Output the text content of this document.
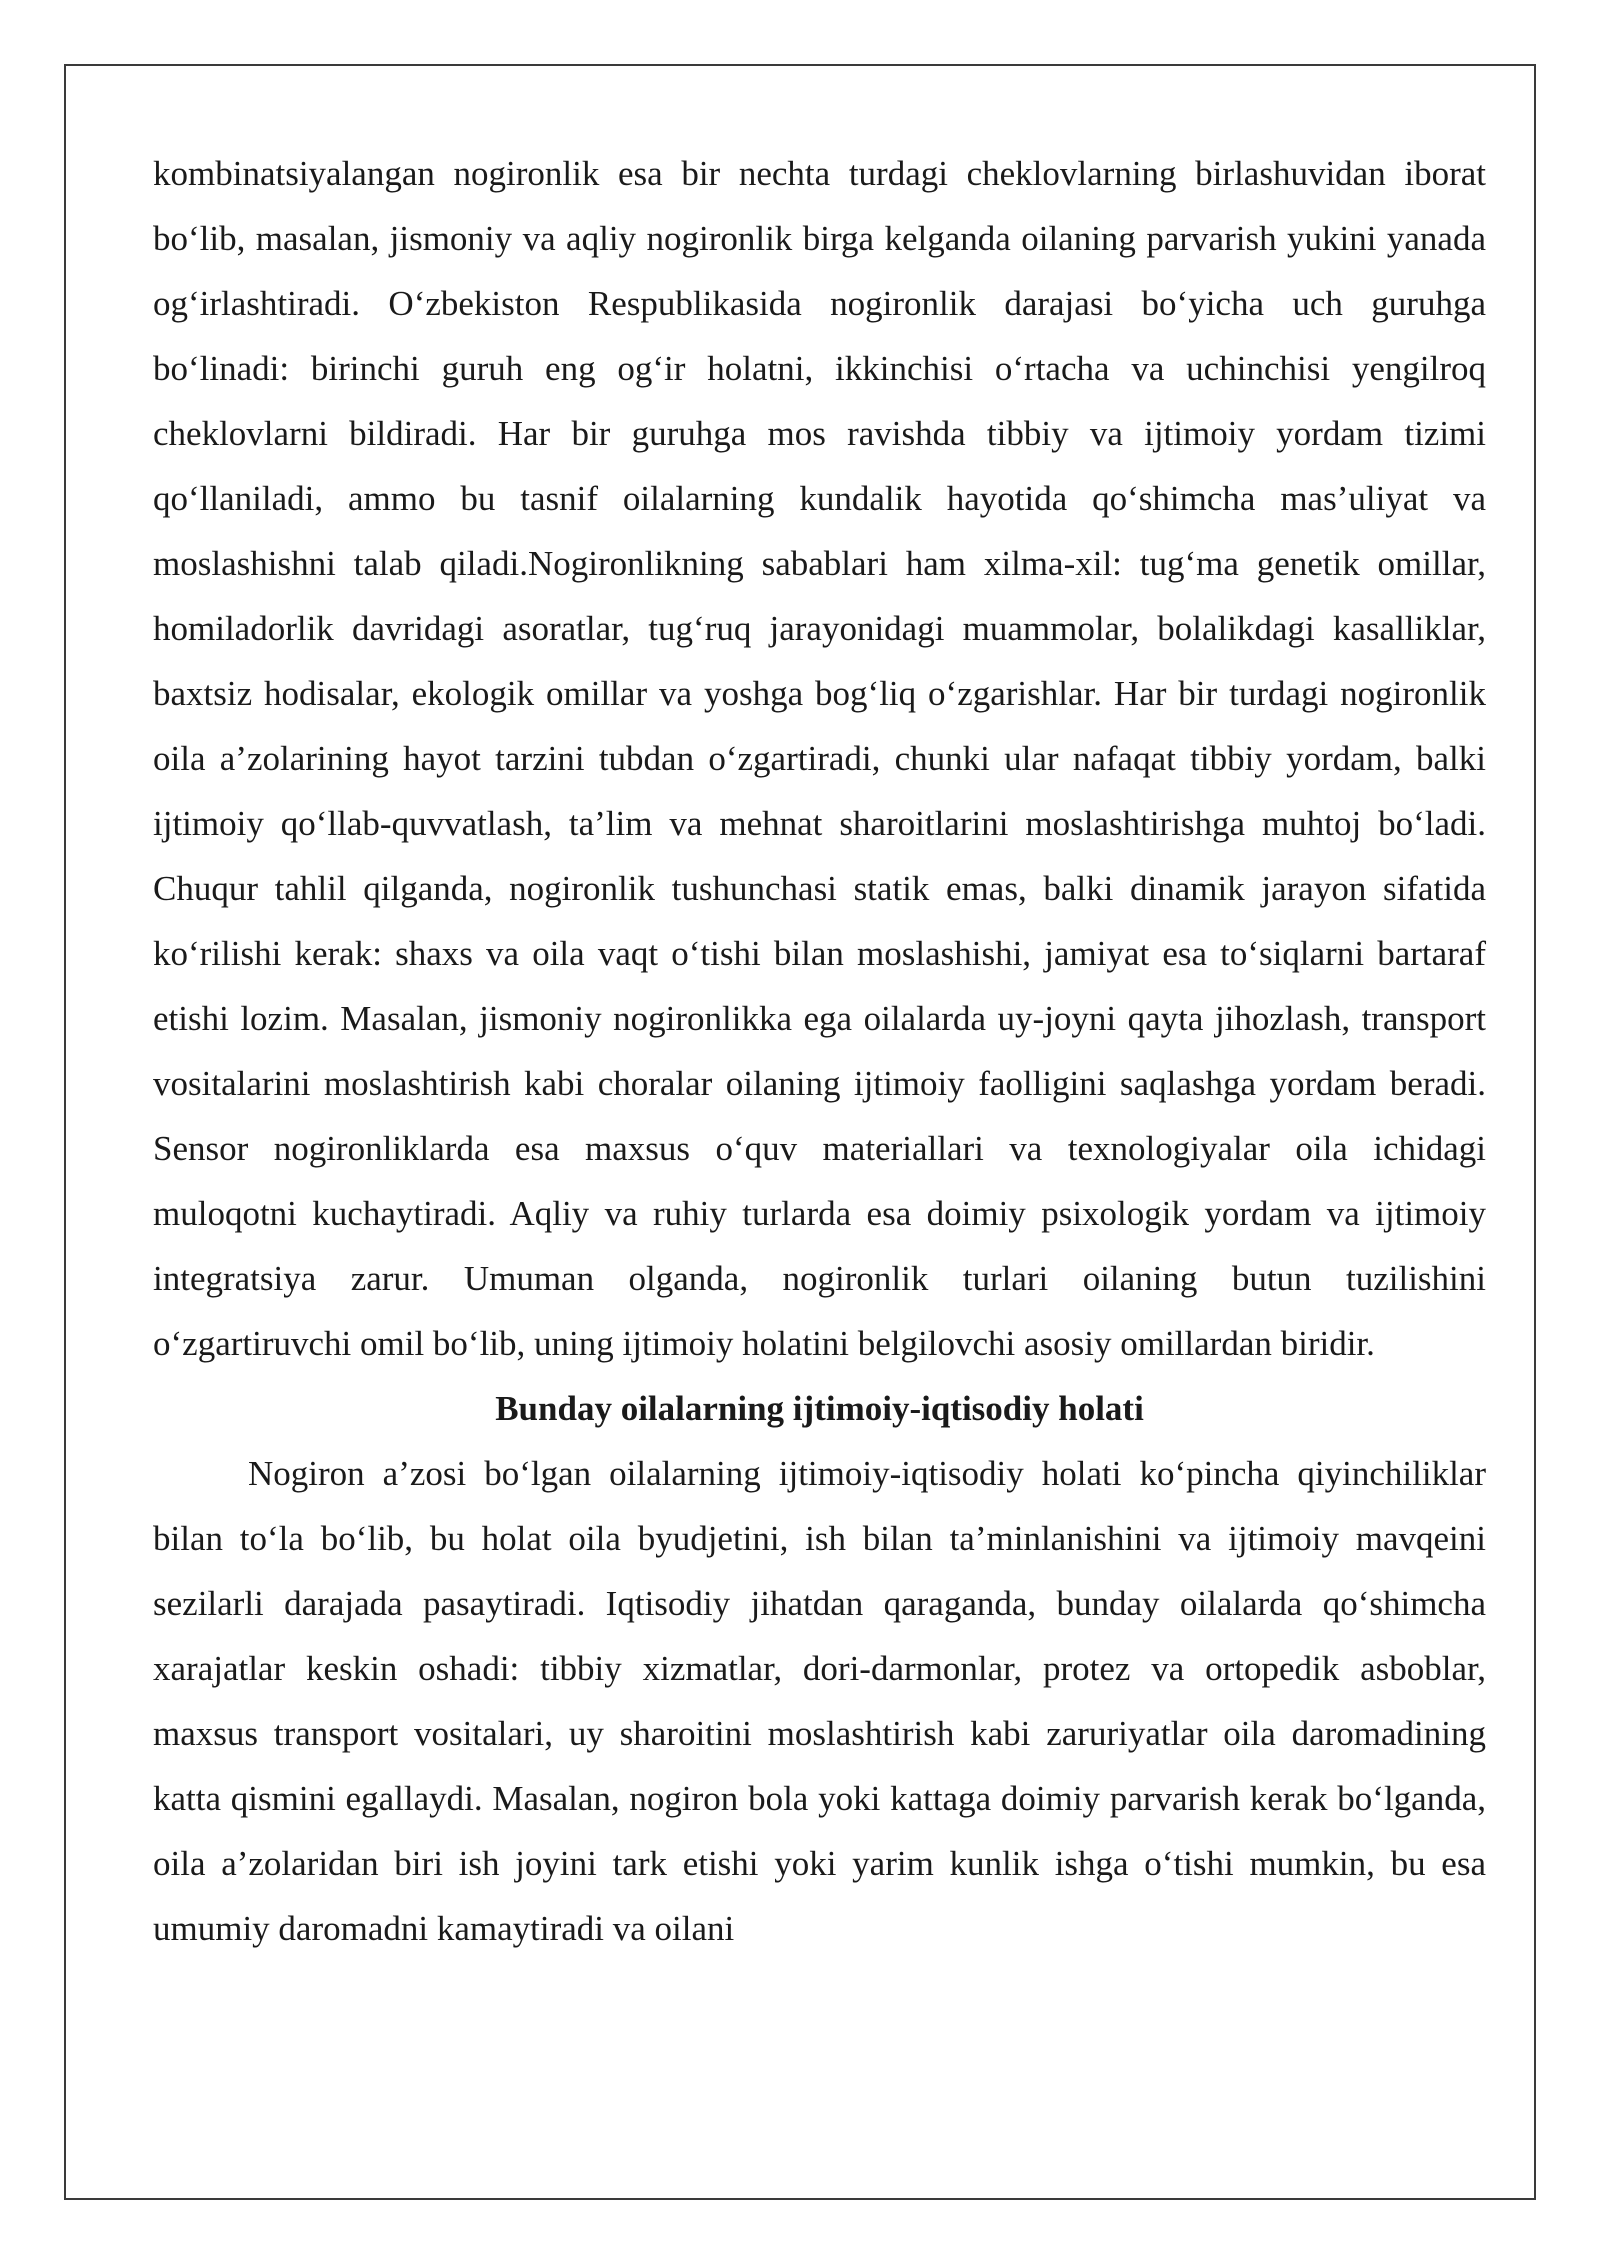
kombinatsiyalangan nogironlik esa bir nechta turdagi cheklovlarning birlashuvidan iborat bo‘lib, masalan, jismoniy va aqliy nogironlik birga kelganda oilaning parvarish yukini yanada og‘irlashtiradi. O‘zbekiston Respublikasida nogironlik darajasi bo‘yicha uch guruhga bo‘linadi: birinchi guruh eng og‘ir holatni, ikkinchisi o‘rtacha va uchinchisi yengilroq cheklovlarni bildiradi. Har bir guruhga mos ravishda tibbiy va ijtimoiy yordam tizimi qo‘llaniladi, ammo bu tasnif oilalarning kundalik hayotida qo‘shimcha mas’uliyat va moslashishni talab qiladi.Nogironlikning sabablari ham xilma-xil: tug‘ma genetik omillar, homiladorlik davridagi asoratlar, tug‘ruq jarayonidagi muammolar, bolalikdagi kasalliklar, baxtsiz hodisalar, ekologik omillar va yoshga bog‘liq o‘zgarishlar. Har bir turdagi nogironlik oila a’zolarining hayot tarzini tubdan o‘zgartiradi, chunki ular nafaqat tibbiy yordam, balki ijtimoiy qo‘llab-quvvatlash, ta’lim va mehnat sharoitlarini moslashtirishga muhtoj bo‘ladi. Chuqur tahlil qilganda, nogironlik tushunchasi statik emas, balki dinamik jarayon sifatida ko‘rilishi kerak: shaxs va oila vaqt o‘tishi bilan moslashishi, jamiyat esa to‘siqlarni bartaraf etishi lozim. Masalan, jismoniy nogironlikka ega oilalarda uy-joyni qayta jihozlash, transport vositalarini moslashtirish kabi choralar oilaning ijtimoiy faolligini saqlashga yordam beradi. Sensor nogironliklarda esa maxsus o‘quv materiallari va texnologiyalar oila ichidagi muloqotni kuchaytiradi. Aqliy va ruhiy turlarda esa doimiy psixologik yordam va ijtimoiy integratsiya zarur. Umuman olganda, nogironlik turlari oilaning butun tuzilishini o‘zgartiruvchi omil bo‘lib, uning ijtimoiy holatini belgilovchi asosiy omillardan biridir.

Bunday oilalarning ijtimoiy-iqtisodiy holati

Nogiron a’zosi bo‘lgan oilalarning ijtimoiy-iqtisodiy holati ko‘pincha qiyinchiliklar bilan to‘la bo‘lib, bu holat oila byudjetini, ish bilan ta’minlanishini va ijtimoiy mavqeini sezilarli darajada pasaytiradi. Iqtisodiy jihatdan qaraganda, bunday oilalarda qo‘shimcha xarajatlar keskin oshadi: tibbiy xizmatlar, dori-darmonlar, protez va ortopedik asboblar, maxsus transport vositalari, uy sharoitini moslashtirish kabi zaruriyatlar oila daromadining katta qismini egallaydi. Masalan, nogiron bola yoki kattaga doimiy parvarish kerak bo‘lganda, oila a’zolaridan biri ish joyini tark etishi yoki yarim kunlik ishga o‘tishi mumkin, bu esa umumiy daromadni kamaytiradi va oilani
